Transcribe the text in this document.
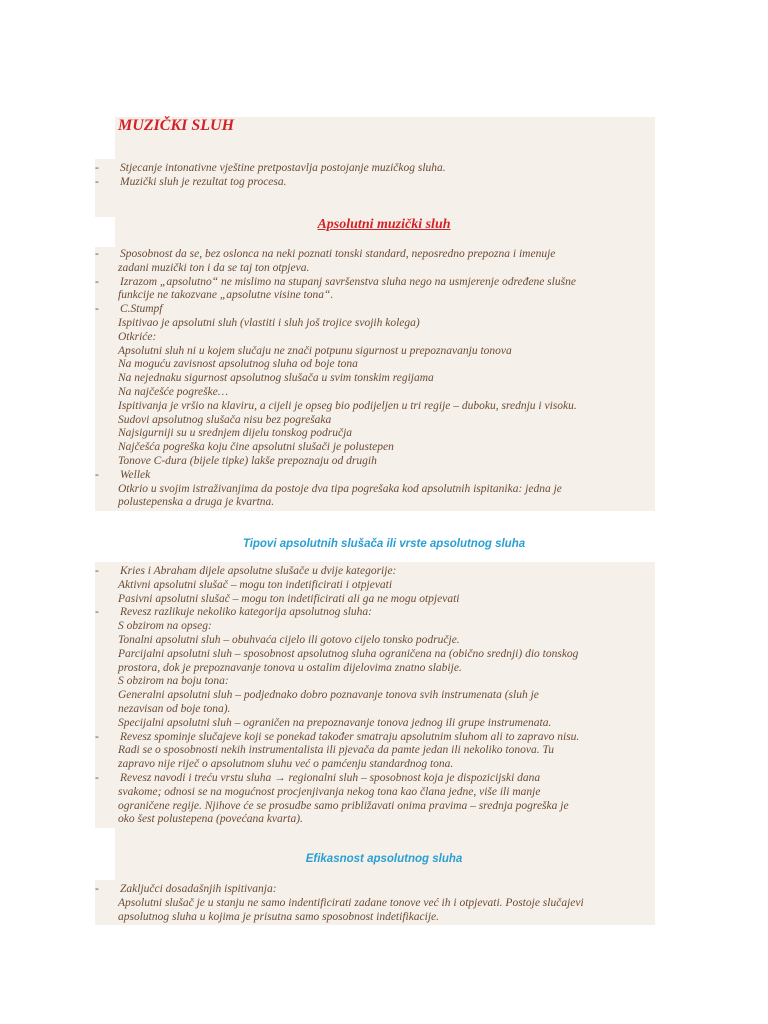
MUZIČKI SLUH
- Stjecanje intonativne vještine pretpostavlja postojanje muzičkog sluha.
- Muzički sluh je rezultat tog procesa.
Apsolutni muzički sluh
- Sposobnost da se, bez oslonca na neki poznati tonski standard, neposredno prepozna i imenuje
zadani muzički ton i da se taj ton otpjeva.
- Izrazom „apsolutno“ ne mislimo na stupanj savršenstva sluha nego na usmjerenje određene slušne
funkcije ne takozvane „apsolutne visine tona“.
- C.Stumpf
Ispitivao je apsolutni sluh (vlastiti i sluh još trojice svojih kolega)
Otkriće:
Apsolutni sluh ni u kojem slučaju ne znači potpunu sigurnost u prepoznavanju tonova
Na moguću zavisnost apsolutnog sluha od boje tona
Na nejednaku sigurnost apsolutnog slušača u svim tonskim regijama
Na najčešće pogreške…
Ispitivanja je vršio na klaviru, a cijeli je opseg bio podijeljen u tri regije – duboku, srednju i visoku.
Sudovi apsolutnog slušača nisu bez pogrešaka
Najsigurniji su u srednjem dijelu tonskog područja
Najčešća pogreška koju čine apsolutni slušači je polustepen
Tonove C-dura (bijele tipke) lakše prepoznaju od drugih
- Wellek
Otkrio u svojim istraživanjima da postoje dva tipa pogrešaka kod apsolutnih ispitanika: jedna je
polustepenska a druga je kvartna.
Tipovi apsolutnih slušača ili vrste apsolutnog sluha
- Kries i Abraham dijele apsolutne slušače u dvije kategorije:
Aktivni apsolutni slušač – mogu ton indetificirati i otpjevati
Pasivni apsolutni slušač – mogu ton indetificirati ali ga ne mogu otpjevati
- Revesz razlikuje nekoliko kategorija apsolutnog sluha:
S obzirom na opseg:
Tonalni apsolutni sluh – obuhvaća cijelo ili gotovo cijelo tonsko područje.
Parcijalni apsolutni sluh – sposobnost apsolutnog sluha ograničena na (obično srednji) dio tonskog
prostora, dok je prepoznavanje tonova u ostalim dijelovima znatno slabije.
S obzirom na boju tona:
Generalni apsolutni sluh – podjednako dobro poznavanje tonova svih instrumenata (sluh je
nezavisan od boje tona).
Specijalni apsolutni sluh – ograničen na prepoznavanje tonova jednog ili grupe instrumenata.
- Revesz spominje slučajeve koji se ponekad također smatraju apsolutnim sluhom ali to zapravo nisu.
Radi se o sposobnosti nekih instrumentalista ili pjevača da pamte jedan ili nekoliko tonova. Tu
zapravo nije riječ o apsolutnom sluhu već o pamćenju standardnog tona.
- Revesz navodi i treću vrstu sluha → regionalni sluh – sposobnost koja je dispozicijski dana
svakome; odnosi se na mogućnost procjenjivanja nekog tona kao člana jedne, više ili manje
ograničene regije. Njihove će se prosudbe samo približavati onima pravima – srednja pogreška je
oko šest polustepena (povećana kvarta).
Efikasnost apsolutnog sluha
- Zaključci dosadašnjih ispitivanja:
Apsolutni slušač je u stanju ne samo indentificirati zadane tonove već ih i otpjevati. Postoje slučajevi
apsolutnog sluha u kojima je prisutna samo sposobnost indetifikacije.
